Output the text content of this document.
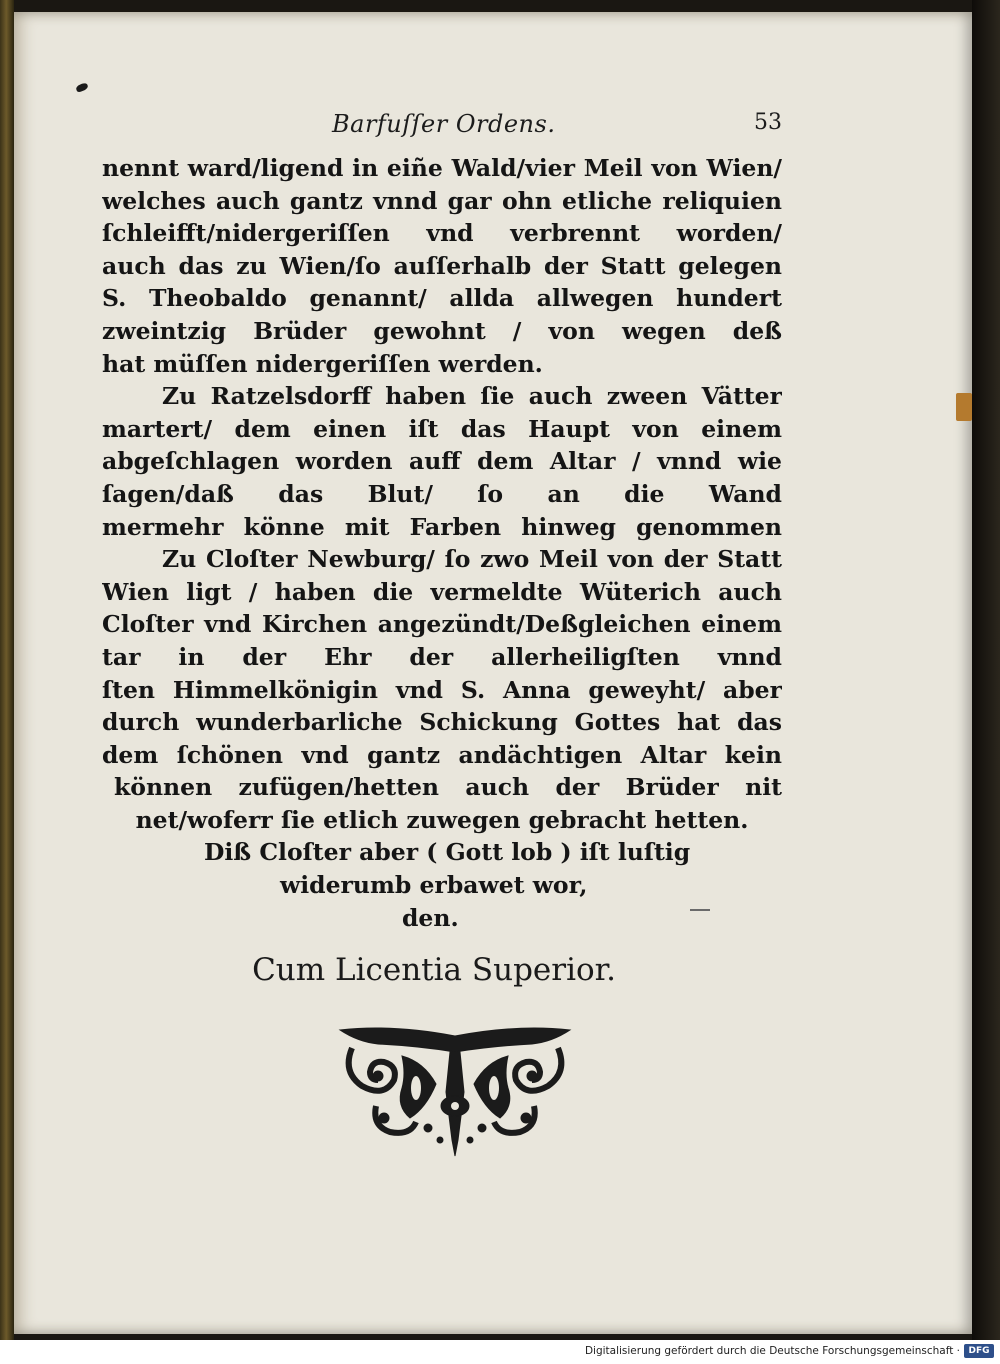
Barfuſſer Ordens.	53
nennt ward/ligend in eiñe Wald/vier Meil von Wien/
welches auch gantz vnnd gar ohn etliche reliquien
ſchleifft/nidergeriſſen vnd verbrennt worden/
auch das zu Wien/ſo auſſerhalb der Statt gelegen
S. Theobaldo genannt/ allda allwegen hundert
zweintzig Brüder gewohnt / von wegen deß
hat müſſen nidergeriſſen werden.
Zu Ratzelsdorff haben ſie auch zween Vätter
martert/ dem einen iſt das Haupt von einem
abgeſchlagen worden auff dem Altar / vnnd wie
ſagen/daß das Blut/ ſo an die Wand
mermehr könne mit Farben hinweg genommen
Zu Cloſter Newburg/ ſo zwo Meil von der Statt
Wien ligt / haben die vermeldte Wüterich auch
Cloſter vnd Kirchen angezündt/Deßgleichen einem
tar in der Ehr der allerheiligſten vnnd
ſten Himmelkönigin vnd S. Anna geweyht/ aber
durch wunderbarliche Schickung Gottes hat das
dem ſchönen vnd gantz andächtigen Altar kein
können zufügen/hetten auch der Brüder nit
net/woferr ſie etlich zuwegen gebracht hetten.
Diß Cloſter aber ( Gott lob ) iſt luſtig
widerumb erbawet wor,
den.
Cum Licentia Superior.
Digitalisierung gefördert durch die Deutsche Forschungsgemeinschaft · DFG
